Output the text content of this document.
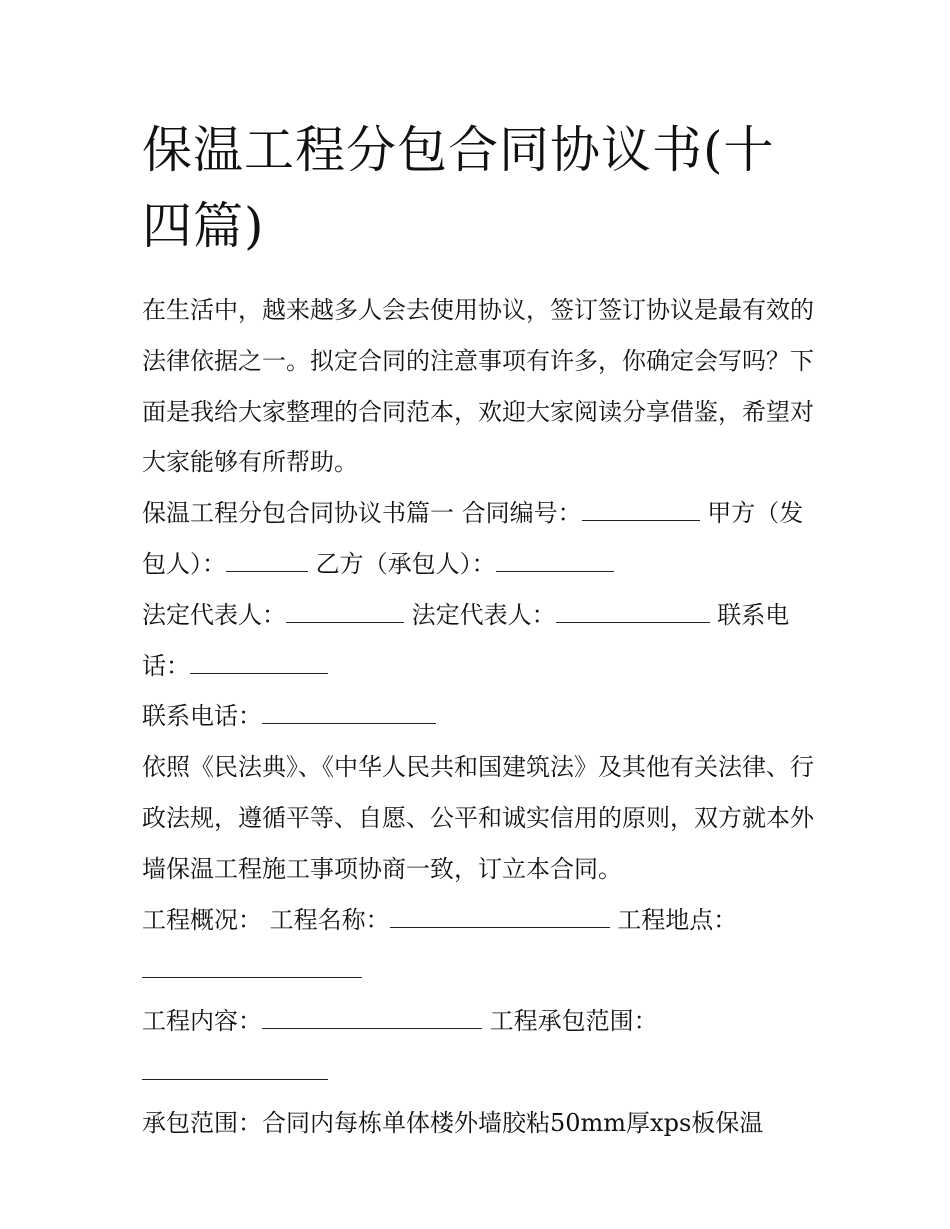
保温工程分包合同协议书(十四篇)

在生活中，越来越多人会去使用协议，签订签订协议是最有效的法律依据之一。拟定合同的注意事项有许多，你确定会写吗？下面是我给大家整理的合同范本，欢迎大家阅读分享借鉴，希望对大家能够有所帮助。

保温工程分包合同协议书篇一 合同编号：	甲方（发包人）：	乙方（承包人）：

法定代表人：	法定代表人：	联系电话：

联系电话：

依照《民法典》、《中华人民共和国建筑法》及其他有关法律、行政法规，遵循平等、自愿、公平和诚实信用的原则，双方就本外墙保温工程施工事项协商一致，订立本合同。

工程概况： 工程名称：	工程地点：

工程内容：	工程承包范围：

承包范围：合同内每栋单体楼外墙胶粘50mm厚xps板保温
